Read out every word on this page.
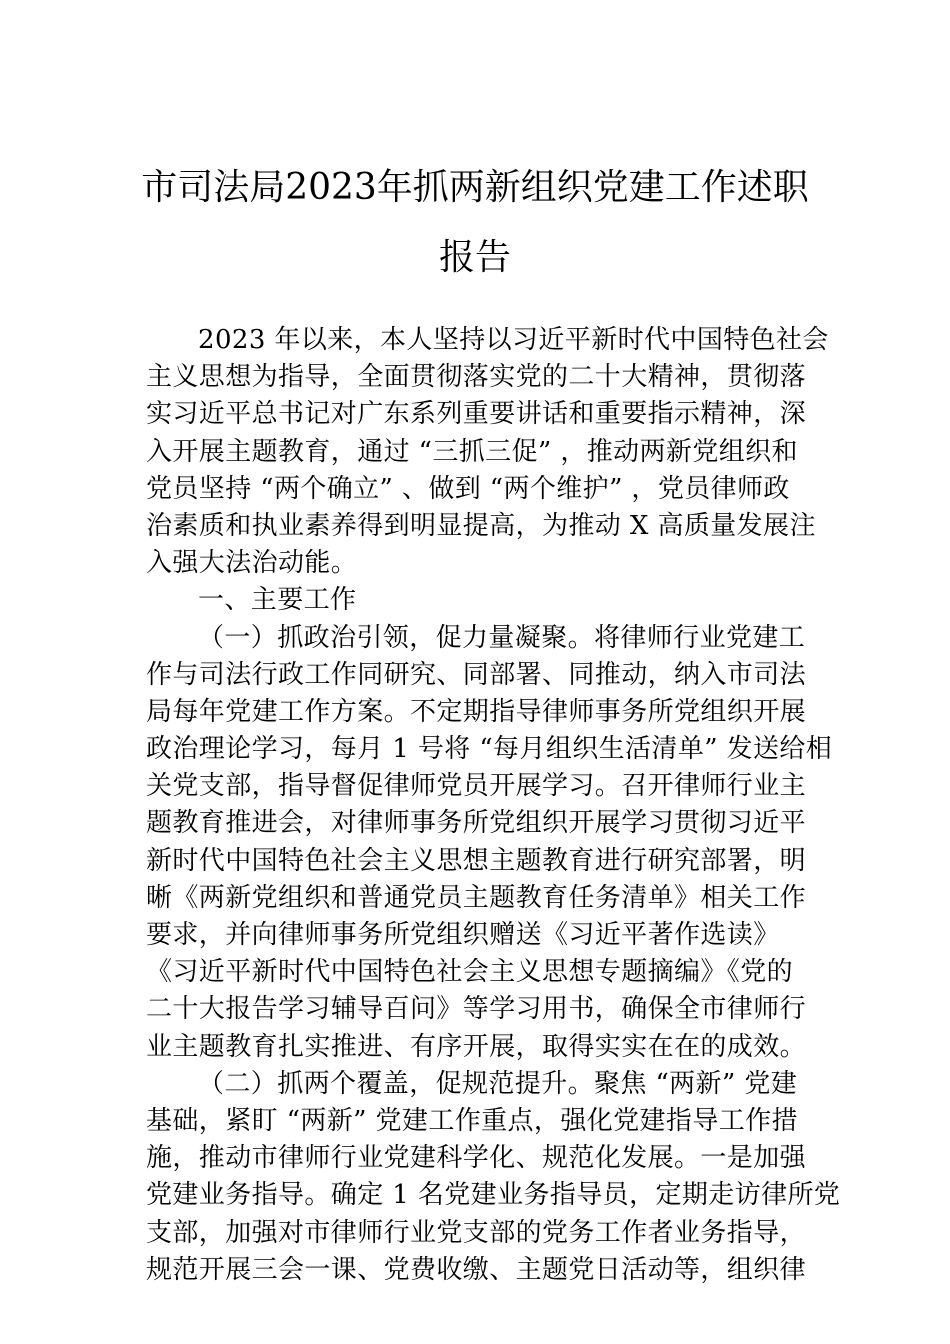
市司法局2023年抓两新组织党建工作述职
报告
2023 年以来，本人坚持以习近平新时代中国特色社会
主义思想为指导，全面贯彻落实党的二十大精神，贯彻落
实习近平总书记对广东系列重要讲话和重要指示精神，深
入开展主题教育，通过 “三抓三促” ，推动两新党组织和
党员坚持 “两个确立” 、做到 “两个维护” ，党员律师政
治素质和执业素养得到明显提高，为推动 X 高质量发展注
入强大法治动能。
一、主要工作
（一）抓政治引领，促力量凝聚。将律师行业党建工
作与司法行政工作同研究、同部署、同推动，纳入市司法
局每年党建工作方案。不定期指导律师事务所党组织开展
政治理论学习，每月 1 号将 “每月组织生活清单” 发送给相
关党支部，指导督促律师党员开展学习。召开律师行业主
题教育推进会，对律师事务所党组织开展学习贯彻习近平
新时代中国特色社会主义思想主题教育进行研究部署，明
晰《两新党组织和普通党员主题教育任务清单》相关工作
要求，并向律师事务所党组织赠送《习近平著作选读》
《习近平新时代中国特色社会主义思想专题摘编》《党的
二十大报告学习辅导百问》等学习用书，确保全市律师行
业主题教育扎实推进、有序开展，取得实实在在的成效。
（二）抓两个覆盖，促规范提升。聚焦 “两新” 党建
基础，紧盯 “两新” 党建工作重点，强化党建指导工作措
施，推动市律师行业党建科学化、规范化发展。一是加强
党建业务指导。确定 1 名党建业务指导员，定期走访律所党
支部，加强对市律师行业党支部的党务工作者业务指导，
规范开展三会一课、党费收缴、主题党日活动等，组织律
